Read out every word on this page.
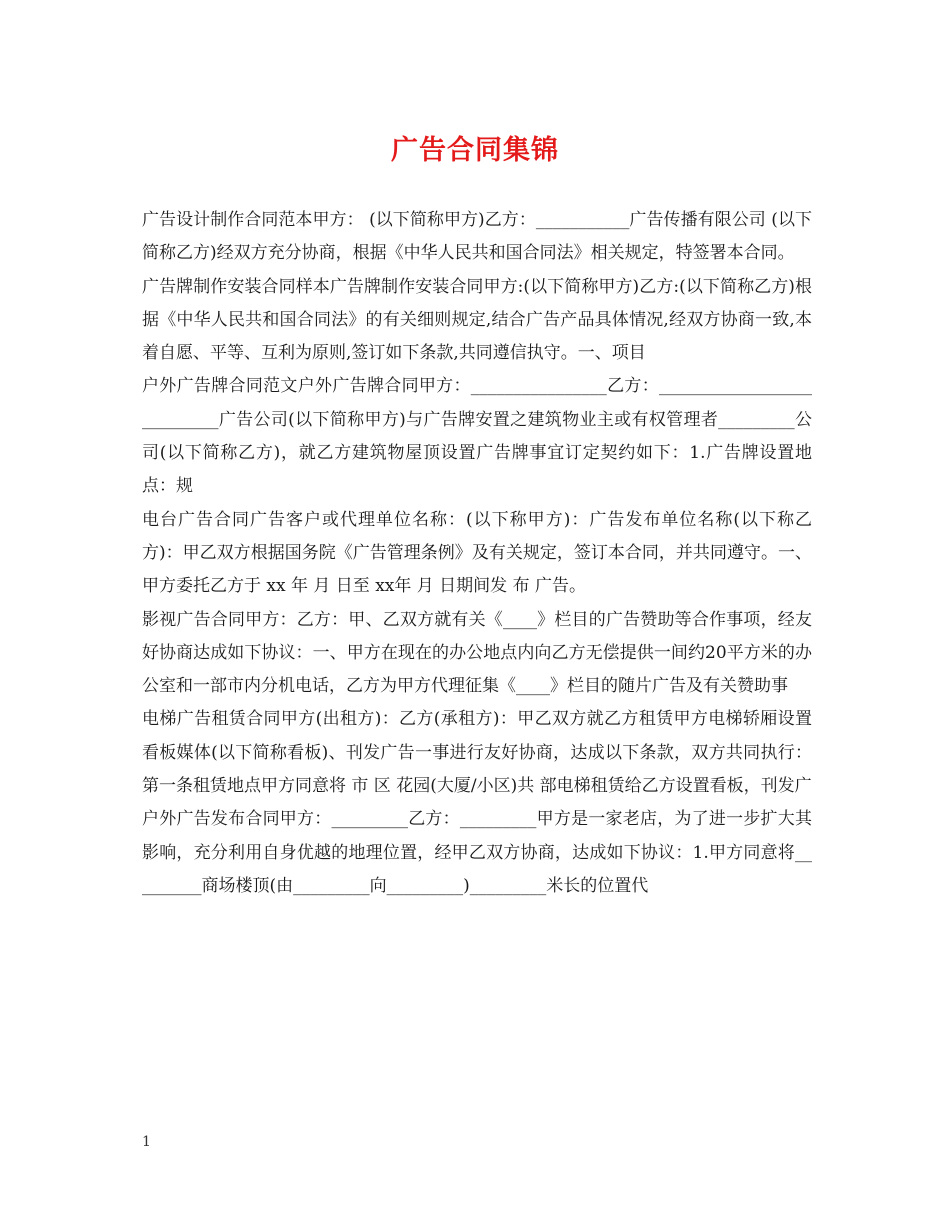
广告合同集锦

广告设计制作合同范本甲方： (以下简称甲方)乙方：___________广告传播有限公司 (以下简称乙方)经双方充分协商，根据《中华人民共和国合同法》相关规定，特签署本合同。

广告牌制作安装合同样本广告牌制作安装合同甲方:(以下简称甲方)乙方:(以下简称乙方)根据《中华人民共和国合同法》的有关细则规定,结合广告产品具体情况,经双方协商一致,本着自愿、平等、互利为原则,签订如下条款,共同遵信执守。一、项目

户外广告牌合同范文户外广告牌合同甲方：________________乙方：___________________________广告公司(以下简称甲方)与广告牌安置之建筑物业主或有权管理者_________公司(以下简称乙方)，就乙方建筑物屋顶设置广告牌事宜订定契约如下：1.广告牌设置地点：规

电台广告合同广告客户或代理单位名称：(以下称甲方)：广告发布单位名称(以下称乙方)：甲乙双方根据国务院《广告管理条例》及有关规定，签订本合同，并共同遵守。一、甲方委托乙方于 xx 年 月 日至 xx年 月 日期间发 布 广告。

影视广告合同甲方：乙方：甲、乙双方就有关《____》栏目的广告赞助等合作事项，经友好协商达成如下协议：一、甲方在现在的办公地点内向乙方无偿提供一间约20平方米的办公室和一部市内分机电话，乙方为甲方代理征集《____》栏目的随片广告及有关赞助事

电梯广告租赁合同甲方(出租方)：乙方(承租方)：甲乙双方就乙方租赁甲方电梯轿厢设置看板媒体(以下简称看板)、刊发广告一事进行友好协商，达成以下条款，双方共同执行：第一条租赁地点甲方同意将 市 区 花园(大厦/小区)共 部电梯租赁给乙方设置看板，刊发广

户外广告发布合同甲方：_________乙方：_________甲方是一家老店，为了进一步扩大其影响，充分利用自身优越的地理位置，经甲乙双方协商，达成如下协议：1.甲方同意将_________商场楼顶(由_________向_________)_________米长的位置代

1
